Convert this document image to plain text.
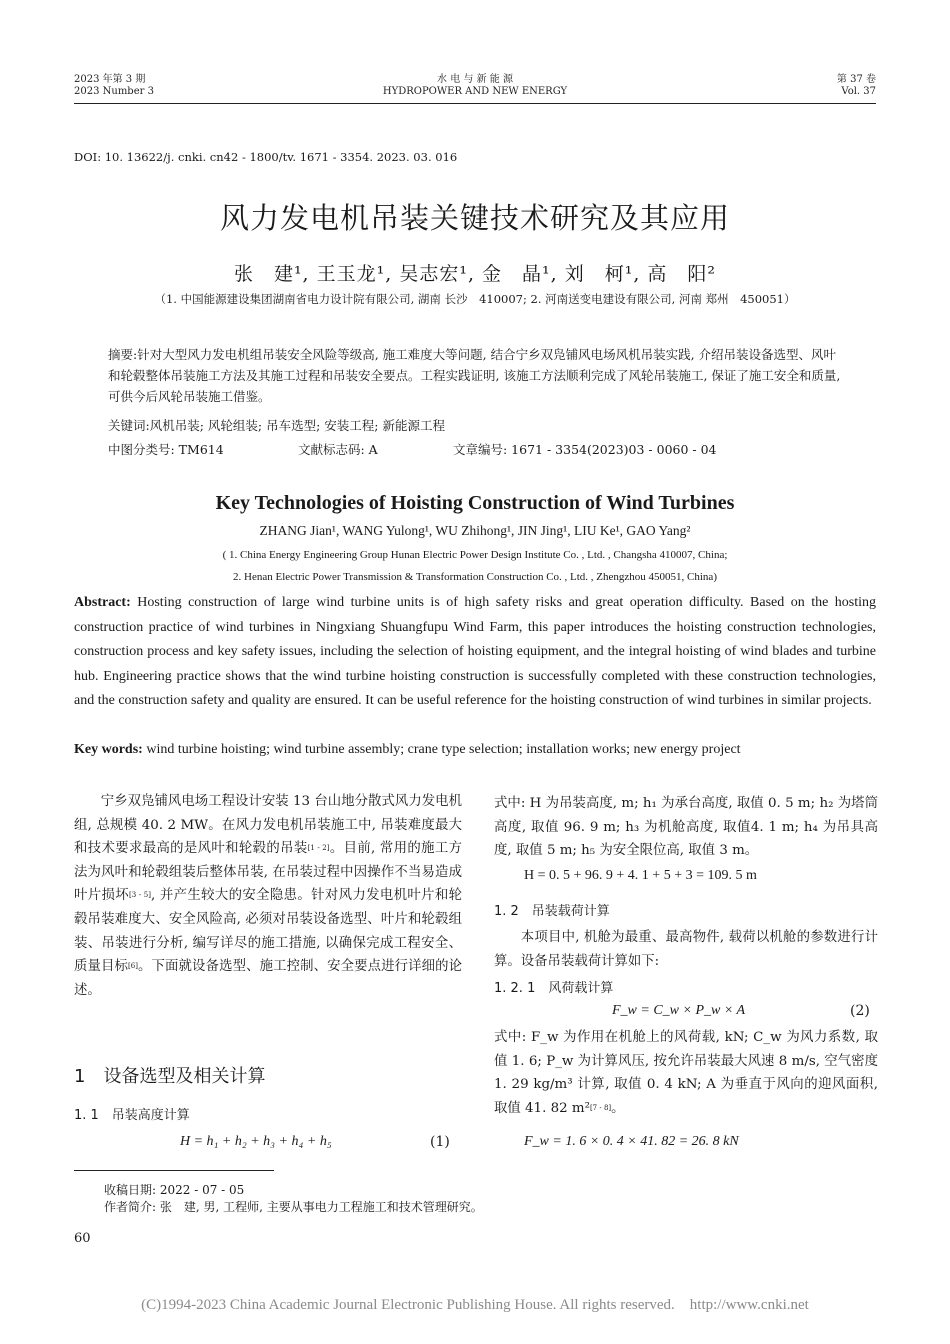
2023 年第 3 期
2023 Number 3
水 电 与 新 能 源
HYDROPOWER AND NEW ENERGY
第 37 卷
Vol. 37
DOI: 10. 13622/j. cnki. cn42 - 1800/tv. 1671 - 3354. 2023. 03. 016
风力发电机吊装关键技术研究及其应用
张　建¹, 王玉龙¹, 吴志宏¹, 金　晶¹, 刘　柯¹, 高　阳²
（1. 中国能源建设集团湖南省电力设计院有限公司, 湖南 长沙　410007; 2. 河南送变电建设有限公司, 河南 郑州　450051）
摘要:针对大型风力发电机组吊装安全风险等级高, 施工难度大等问题, 结合宁乡双凫铺风电场风机吊装实践, 介绍吊装设备选型、风叶和轮毂整体吊装施工方法及其施工过程和吊装安全要点。工程实践证明, 该施工方法顺利完成了风轮吊装施工, 保证了施工安全和质量, 可供今后风轮吊装施工借鉴。
关键词:风机吊装; 风轮组装; 吊车选型; 安装工程; 新能源工程
中图分类号: TM614	文献标志码: A	文章编号: 1671 - 3354(2023)03 - 0060 - 04
Key Technologies of Hoisting Construction of Wind Turbines
ZHANG Jian¹, WANG Yulong¹, WU Zhihong¹, JIN Jing¹, LIU Ke¹, GAO Yang²
( 1. China Energy Engineering Group Hunan Electric Power Design Institute Co. , Ltd. , Changsha 410007, China;
2. Henan Electric Power Transmission & Transformation Construction Co. , Ltd. , Zhengzhou 450051, China)
Abstract: Hosting construction of large wind turbine units is of high safety risks and great operation difficulty. Based on the hosting construction practice of wind turbines in Ningxiang Shuangfupu Wind Farm, this paper introduces the hoisting construction technologies, construction process and key safety issues, including the selection of hoisting equipment, and the integral hoisting of wind blades and turbine hub. Engineering practice shows that the wind turbine hoisting construction is successfully completed with these construction technologies, and the construction safety and quality are ensured. It can be useful reference for the hoisting construction of wind turbines in similar projects.
Key words: wind turbine hoisting; wind turbine assembly; crane type selection; installation works; new energy project
宁乡双凫铺风电场工程设计安装 13 台山地分散式风力发电机组, 总规模 40. 2 MW。在风力发电机吊装施工中, 吊装难度最大和技术要求最高的是风叶和轮毂的吊装[1 - 2]。目前, 常用的施工方法为风叶和轮毂组装后整体吊装, 在吊装过程中因操作不当易造成叶片损坏[3 - 5], 并产生较大的安全隐患。针对风力发电机叶片和轮毂吊装难度大、安全风险高, 必须对吊装设备选型、叶片和轮毂组装、吊装进行分析, 编写详尽的施工措施, 以确保完成工程安全、质量目标[6]。下面就设备选型、施工控制、安全要点进行详细的论述。
1　设备选型及相关计算
1. 1　吊装高度计算
H = h₁ + h₂ + h₃ + h₄ + h₅	(1)
式中: H 为吊装高度, m; h₁ 为承台高度, 取值 0. 5 m; h₂ 为塔筒高度, 取值 96. 9 m; h₃ 为机舱高度, 取值4. 1 m; h₄ 为吊具高度, 取值 5 m; h₅ 为安全限位高, 取值 3 m。
H = 0. 5 + 96. 9 + 4. 1 + 5 + 3 = 109. 5 m
1. 2　吊装载荷计算
本项目中, 机舱为最重、最高物件, 载荷以机舱的参数进行计算。设备吊装载荷计算如下:
1. 2. 1　风荷载计算
F_w = C_w × P_w × A	(2)
式中: F_w 为作用在机舱上的风荷载, kN; C_w 为风力系数, 取值 1. 6; P_w 为计算风压, 按允许吊装最大风速 8 m/s, 空气密度 1. 29 kg/m³ 计算, 取值 0. 4 kN; A 为垂直于风向的迎风面积, 取值 41. 82 m²[7 - 8]。
F_w = 1. 6 × 0. 4 × 41. 82 = 26. 8 kN
收稿日期: 2022 - 07 - 05
作者简介: 张　建, 男, 工程师, 主要从事电力工程施工和技术管理研究。
60
(C)1994-2023 China Academic Journal Electronic Publishing House. All rights reserved.    http://www.cnki.net
